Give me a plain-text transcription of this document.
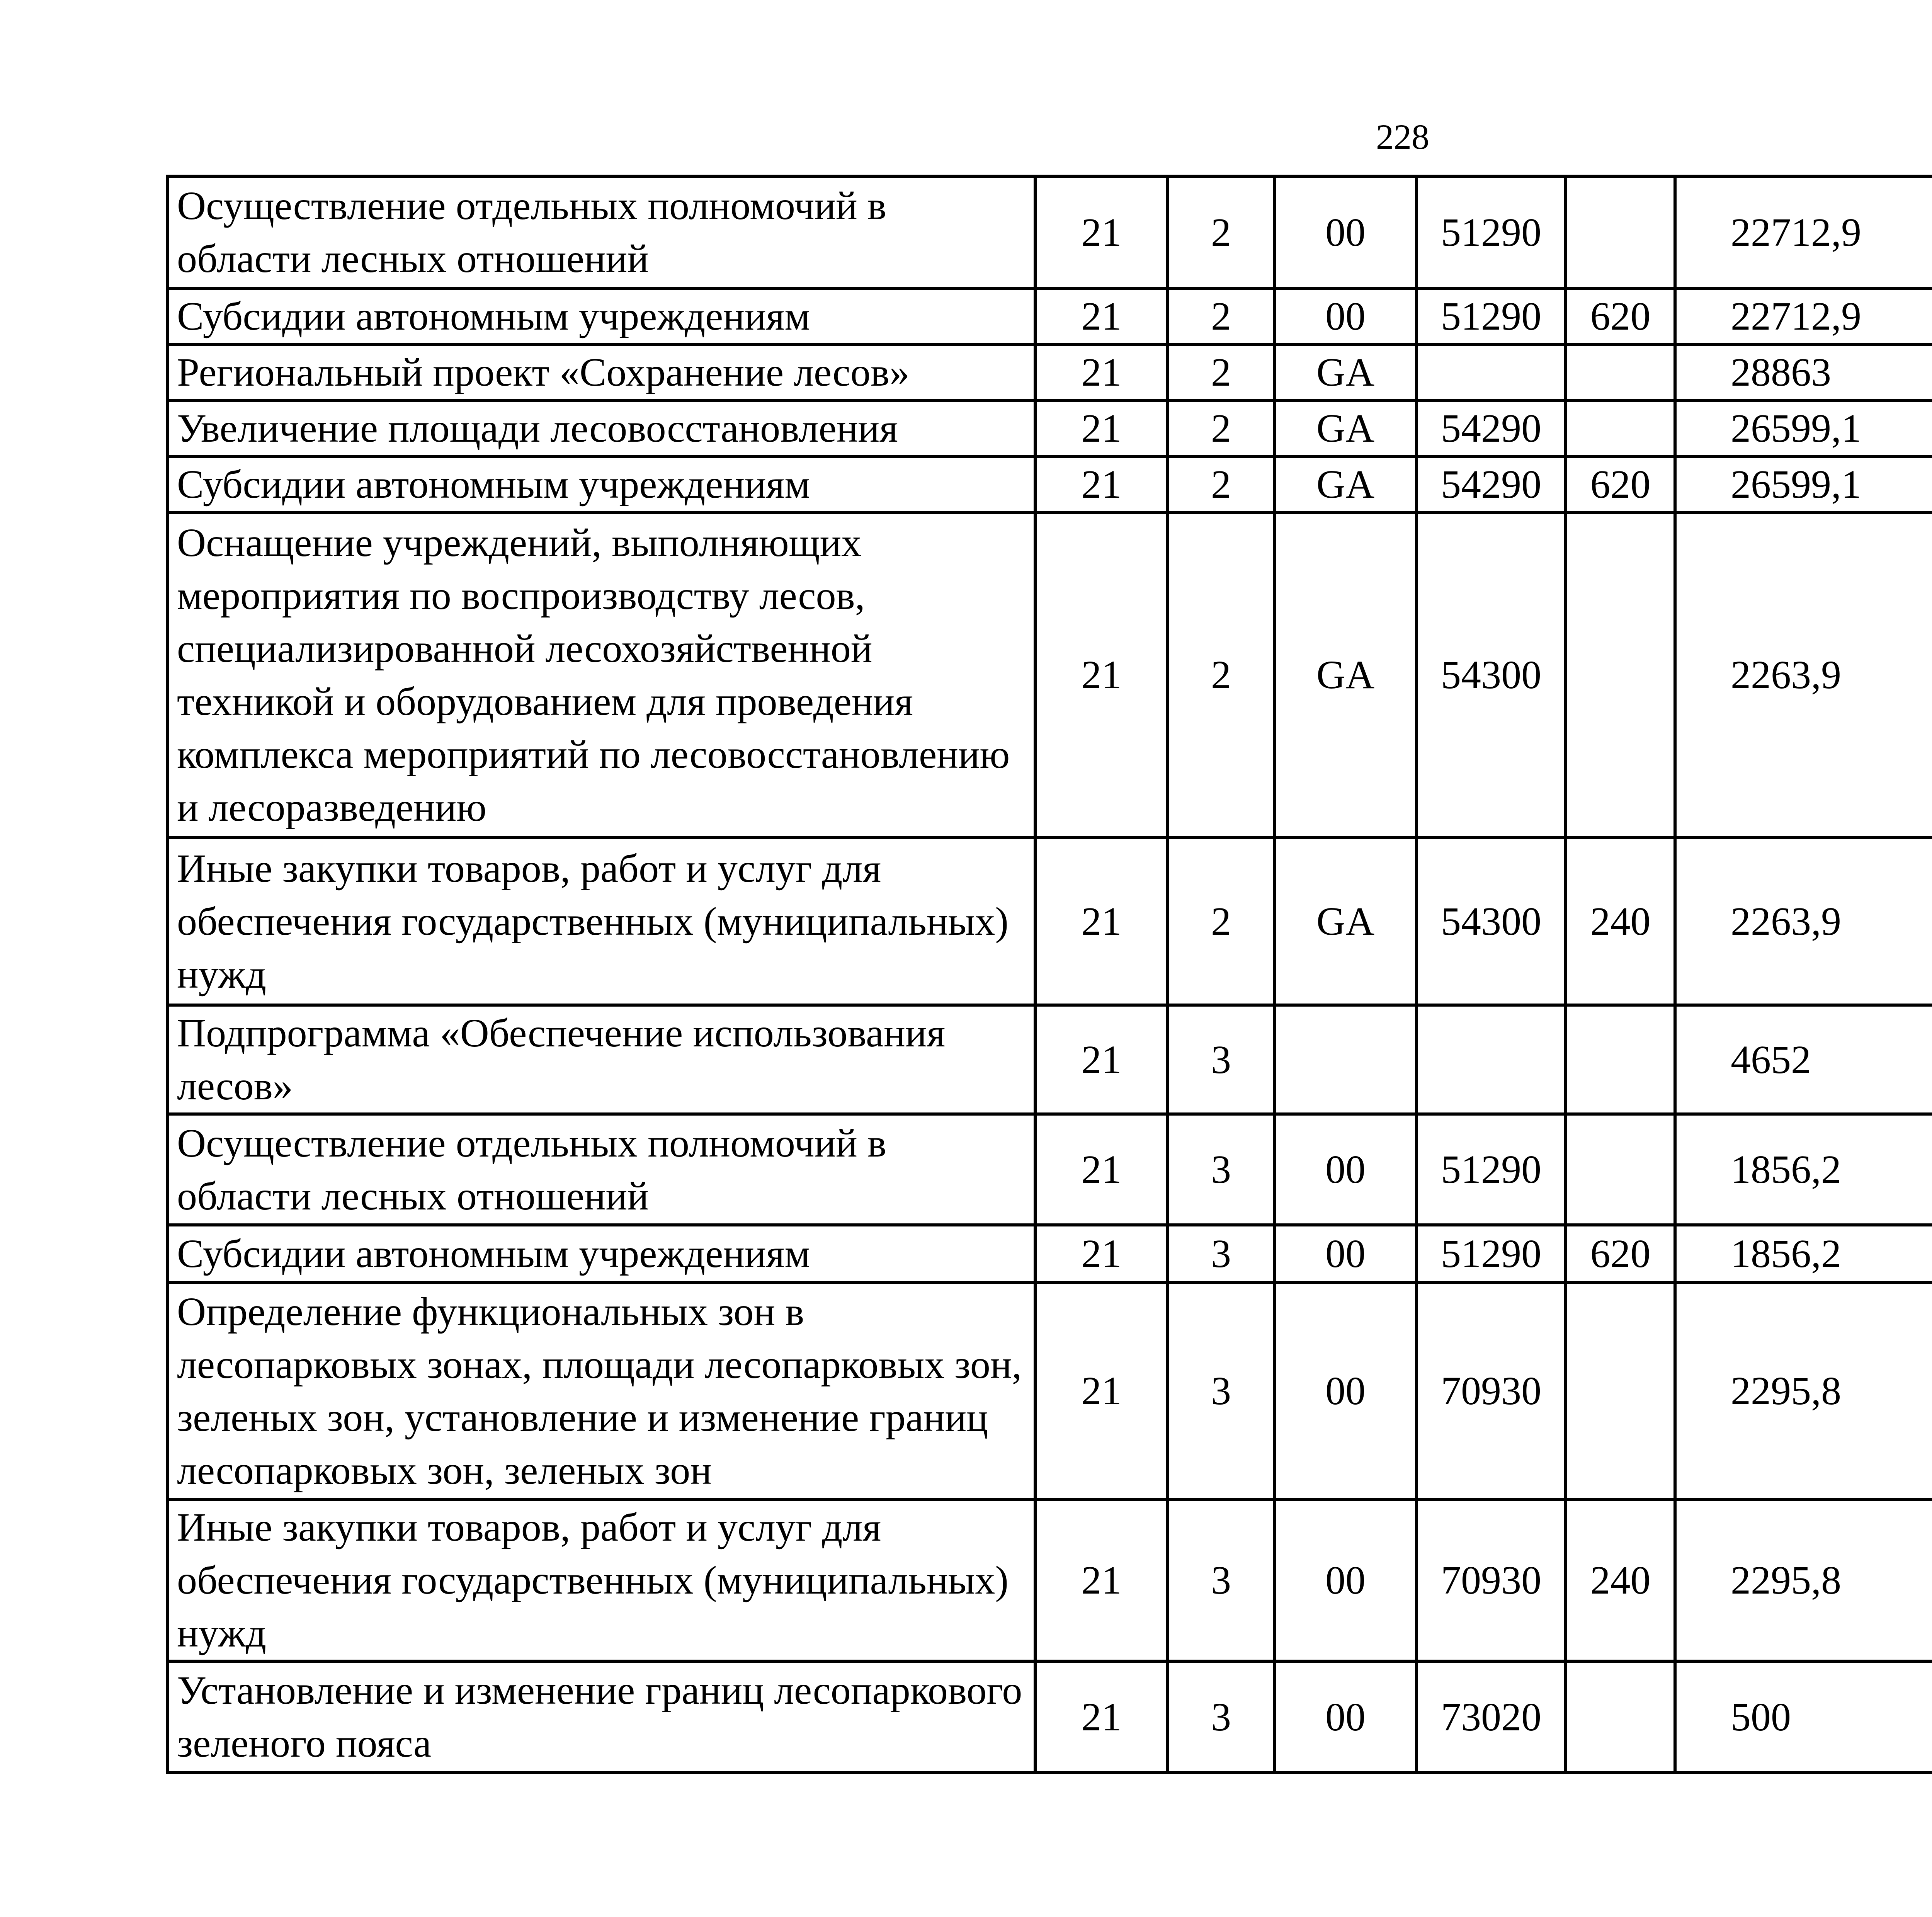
228
Осуществление отдельных полномочий в области лесных отношений	21	2	00	51290		22712,9		
Субсидии автономным учреждениям	21	2	00	51290	620	22712,9		
Региональный проект «Сохранение лесов»	21	2	GA			28863		
Увеличение площади лесовосстановления	21	2	GA	54290		26599,1		
Субсидии автономным учреждениям	21	2	GA	54290	620	26599,1		
Оснащение учреждений, выполняющих мероприятия по воспроизводству лесов, специализированной лесохозяйственной техникой и оборудованием для проведения комплекса мероприятий по лесовосстановлению и лесоразведению	21	2	GA	54300		2263,9		
Иные закупки товаров, работ и услуг для обеспечения государственных (муниципальных) нужд	21	2	GA	54300	240	2263,9		
Подпрограмма «Обеспечение использования лесов»	21	3				4652		
Осуществление отдельных полномочий в области лесных отношений	21	3	00	51290		1856,2		
Субсидии автономным учреждениям	21	3	00	51290	620	1856,2		
Определение функциональных зон в лесопарковых зонах, площади лесопарковых зон, зеленых зон, установление и изменение границ лесопарковых зон, зеленых зон	21	3	00	70930		2295,8		
Иные закупки товаров, работ и услуг для обеспечения государственных (муниципальных) нужд	21	3	00	70930	240	2295,8		
Установление и изменение границ лесопаркового зеленого пояса	21	3	00	73020		500		
